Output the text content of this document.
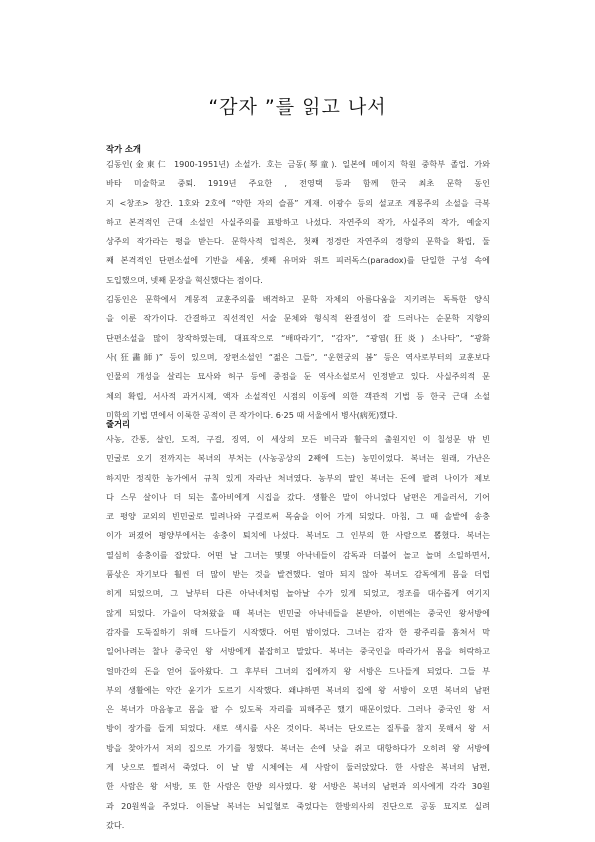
“감자 ”를 읽고 나서
작가 소개
김동인(金東仁 1900-1951년) 소설가. 호는 금동(琴童). 일본에 메이지 학원 중학부 졸업. 가와
바타 미술학교 중퇴. 1919년 주요한 , 전영택 등과 함께 한국 최초 문학 동인
지 <창조> 창간. 1호와 2호에 “약한 자의 슬픔” 게재. 이광수 등의 설교조 계몽주의 소설을 극복
하고 본격적인 근대 소설인 사실주의를 표방하고 나섰다. 자연주의 작가, 사실주의 작가, 예술지
상주의 작가라는 평을 받는다. 문학사적 업적은, 첫째 정경란 자연주의 경향의 문학을 확립, 둘
째 본격적인 단편소설에 기반을 세움, 셋째 유머와 위트 피러독스(paradox)를 단일한 구성 속에
도입했으며, 넷째 문장을 혁신했다는 점이다.
김동인은 문학에서 계몽적 교훈주의를 배격하고 문학 자체의 아름다움을 지키려는 독특한 양식
을 이룬 작가이다. 간결하고 직선적인 서술 문체와 형식적 완결성이 잘 드러나는 순문학 지향의
단편소설을 많이 창작하였는데, 대표작으로 “배따라기”, “감자”, “광염(狂炎) 소나타”, “광화
사(狂畵師)” 등이 있으며, 장편소설인 “젊은 그들”, “운현궁의 봄” 등은 역사로부터의 교훈보다
인물의 개성을 살리는 묘사와 허구 등에 중점을 둔 역사소설로서 인정받고 있다. 사실주의적 문
체의 확립, 서사적 과거시제, 액자 소설적인 시점의 이동에 의한 객관적 기법 등 한국 근대 소설
미학의 기법 면에서 이룩한 공적이 큰 작가이다. 6·25 때 서울에서 병사(病死)했다.
줄거리
사농, 간통, 살인, 도적, 구걸, 징역, 이 세상의 모든 비극과 활극의 출원지인 이 칠성문 밖 빈
민굴로 오기 전까지는 복녀의 부처는 (사농공상의 2째에 드는) 농민이었다. 복녀는 원래, 가난은
하지만 정직한 농가에서 규칙 있게 자라난 처녀였다. 농부의 딸인 복녀는 돈에 팔려 나이가 제보
다 스무 살이나 더 되는 홀아비에게 시집을 갔다. 생활은 말이 아니었다 남편은 게을러서, 기어
코 평양 교외의 빈민굴로 밀려나와 구걸로써 목숨을 이어 가게 되었다. 마침, 그 때 솔밭에 송충
이가 퍼졌어 평양부에서는 송충이 퇴치에 나섰다. 복녀도 그 인부의 한 사람으로 뽑혔다. 복녀는
열심히 송충이를 잡았다. 어떤 날 그녀는 몇몇 아낙네들이 감독과 더불어 놀고 놀며 소일하면서,
품삯은 자기보다 훨씬 더 많이 받는 것을 발견했다. 얼마 되지 않아 복녀도 감독에게 몸을 더럽
히게 되었으며, 그 날부터 다른 아낙네처럼 놀아날 수가 있게 되었고, 정조를 대수롭게 여기지
않게 되었다. 가을이 닥쳐왔을 때 복녀는 빈민굴 아낙네들을 본받아, 이번에는 중국인 왕서방에
감자를 도둑질하기 위해 드나들기 시작했다. 어떤 밤이었다. 그녀는 감자 한 광주리를 훔쳐서 막
일어나려는 찰나 중국인 왕 서방에게 붙잡히고 말았다. 복녀는 중국인을 따라가서 몸을 허락하고
얼마간의 돈을 얻어 돌아왔다. 그 후부터 그녀의 집에까지 왕 서방은 드나들게 되었다. 그들 부
부의 생활에는 약간 윤기가 도르기 시작했다. 왜냐하면 복녀의 집에 왕 서방이 오면 복녀의 남편
은 복녀가 마음놓고 몸을 팔 수 있도록 자리를 피해주곤 했기 때문이었다. 그러나 중국인 왕 서
방이 장가를 들게 되었다. 새로 색시를 사온 것이다. 복녀는 단오르는 질투를 참지 못해서 왕 서
방을 찾아가서 저의 집으로 가기를 청했다. 복녀는 손에 낫을 쥐고 대항하다가 오히려 왕 서방에
게 낫으로 찔려서 죽었다. 이 날 밤 시체에는 세 사람이 둘러앉았다. 한 사람은 복녀의 남편,
한 사람은 왕 서방, 또 한 사람은 한방 의사였다. 왕 서방은 복녀의 남편과 의사에게 각각 30원
과 20원씩을 주었다. 이튿날 복녀는 뇌일혈로 죽었다는 한방의사의 진단으로 공동 묘지로 실려
갔다.
